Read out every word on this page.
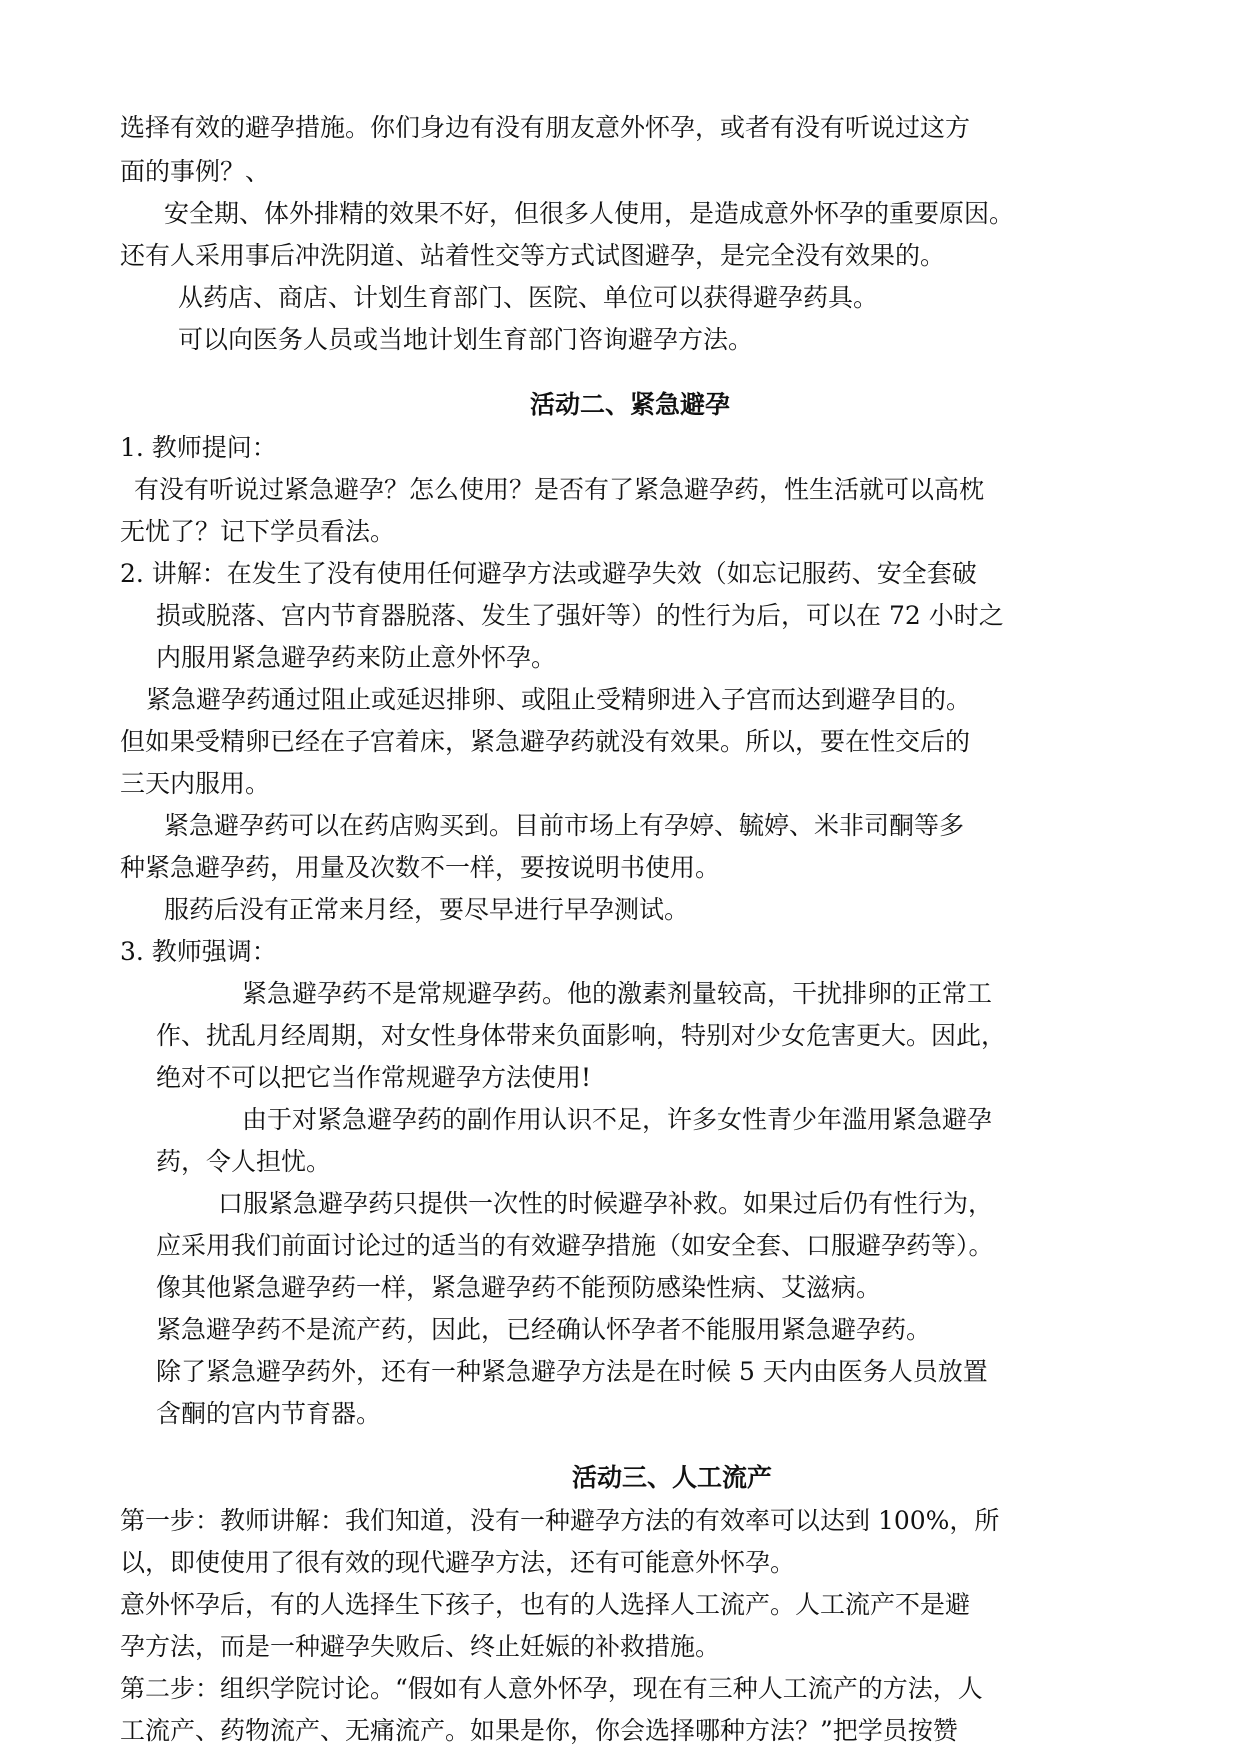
选择有效的避孕措施。你们身边有没有朋友意外怀孕，或者有没有听说过这方
面的事例？、
安全期、体外排精的效果不好，但很多人使用，是造成意外怀孕的重要原因。
还有人采用事后冲洗阴道、站着性交等方式试图避孕，是完全没有效果的。
从药店、商店、计划生育部门、医院、单位可以获得避孕药具。
可以向医务人员或当地计划生育部门咨询避孕方法。
活动二、紧急避孕
1. 教师提问：
有没有听说过紧急避孕？怎么使用？是否有了紧急避孕药，性生活就可以高枕
无忧了？记下学员看法。
2. 讲解：在发生了没有使用任何避孕方法或避孕失效（如忘记服药、安全套破
损或脱落、宫内节育器脱落、发生了强奸等）的性行为后，可以在 72 小时之
内服用紧急避孕药来防止意外怀孕。
紧急避孕药通过阻止或延迟排卵、或阻止受精卵进入子宫而达到避孕目的。
但如果受精卵已经在子宫着床，紧急避孕药就没有效果。所以，要在性交后的
三天内服用。
紧急避孕药可以在药店购买到。目前市场上有孕婷、毓婷、米非司酮等多
种紧急避孕药，用量及次数不一样，要按说明书使用。
服药后没有正常来月经，要尽早进行早孕测试。
3. 教师强调：
紧急避孕药不是常规避孕药。他的激素剂量较高，干扰排卵的正常工
作、扰乱月经周期，对女性身体带来负面影响，特别对少女危害更大。因此，
绝对不可以把它当作常规避孕方法使用!
由于对紧急避孕药的副作用认识不足，许多女性青少年滥用紧急避孕
药，令人担忧。
口服紧急避孕药只提供一次性的时候避孕补救。如果过后仍有性行为，
应采用我们前面讨论过的适当的有效避孕措施（如安全套、口服避孕药等）。
像其他紧急避孕药一样，紧急避孕药不能预防感染性病、艾滋病。
紧急避孕药不是流产药，因此，已经确认怀孕者不能服用紧急避孕药。
除了紧急避孕药外，还有一种紧急避孕方法是在时候 5 天内由医务人员放置
含酮的宫内节育器。
活动三、人工流产
第一步：教师讲解：我们知道，没有一种避孕方法的有效率可以达到 100%，所
以，即使使用了很有效的现代避孕方法，还有可能意外怀孕。
意外怀孕后，有的人选择生下孩子，也有的人选择人工流产。人工流产不是避
孕方法，而是一种避孕失败后、终止妊娠的补救措施。
第二步：组织学院讨论。“假如有人意外怀孕，现在有三种人工流产的方法，人
工流产、药物流产、无痛流产。如果是你，你会选择哪种方法？”把学员按赞
